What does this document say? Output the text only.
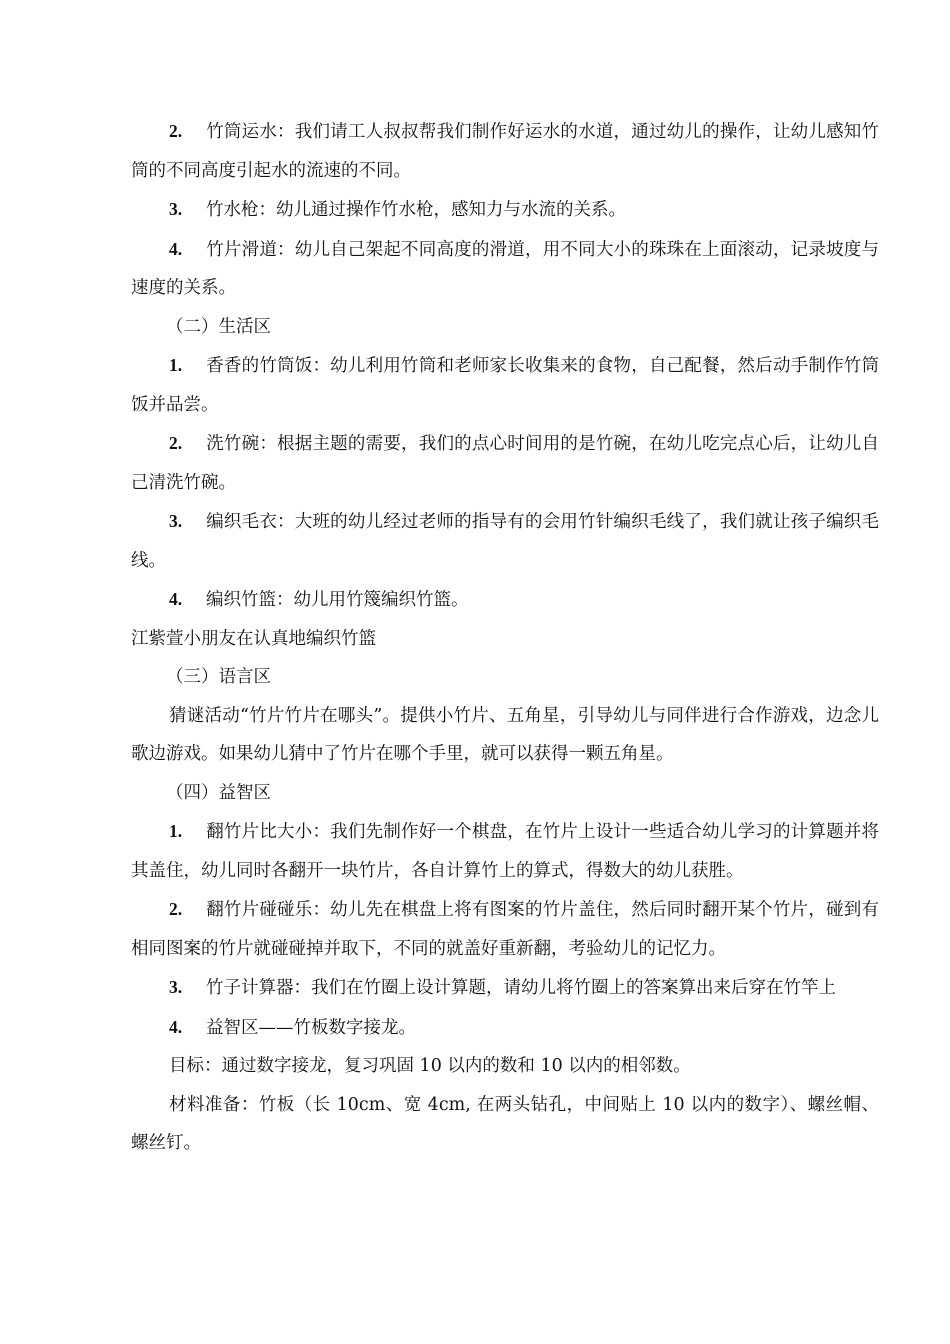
2. 竹筒运水：我们请工人叔叔帮我们制作好运水的水道，通过幼儿的操作，让幼儿感知竹筒的不同高度引起水的流速的不同。

3. 竹水枪：幼儿通过操作竹水枪，感知力与水流的关系。

4. 竹片滑道：幼儿自己架起不同高度的滑道，用不同大小的珠珠在上面滚动，记录坡度与速度的关系。

（二）生活区

1. 香香的竹筒饭：幼儿利用竹筒和老师家长收集来的食物，自己配餐，然后动手制作竹筒饭并品尝。

2. 洗竹碗：根据主题的需要，我们的点心时间用的是竹碗，在幼儿吃完点心后，让幼儿自己清洗竹碗。

3. 编织毛衣：大班的幼儿经过老师的指导有的会用竹针编织毛线了，我们就让孩子编织毛线。

4. 编织竹篮：幼儿用竹篾编织竹篮。

江紫萱小朋友在认真地编织竹篮

（三）语言区

猜谜活动“竹片竹片在哪头”。提供小竹片、五角星，引导幼儿与同伴进行合作游戏，边念儿歌边游戏。如果幼儿猜中了竹片在哪个手里，就可以获得一颗五角星。

（四）益智区

1. 翻竹片比大小：我们先制作好一个棋盘，在竹片上设计一些适合幼儿学习的计算题并将其盖住，幼儿同时各翻开一块竹片，各自计算竹上的算式，得数大的幼儿获胜。

2. 翻竹片碰碰乐：幼儿先在棋盘上将有图案的竹片盖住，然后同时翻开某个竹片，碰到有相同图案的竹片就碰碰掉并取下，不同的就盖好重新翻，考验幼儿的记忆力。

3. 竹子计算器：我们在竹圈上设计算题，请幼儿将竹圈上的答案算出来后穿在竹竿上

4. 益智区——竹板数字接龙。

目标：通过数字接龙，复习巩固 10 以内的数和 10 以内的相邻数。

材料准备：竹板（长 10cm、宽 4cm, 在两头钻孔，中间贴上 10 以内的数字）、螺丝帽、螺丝钉。
